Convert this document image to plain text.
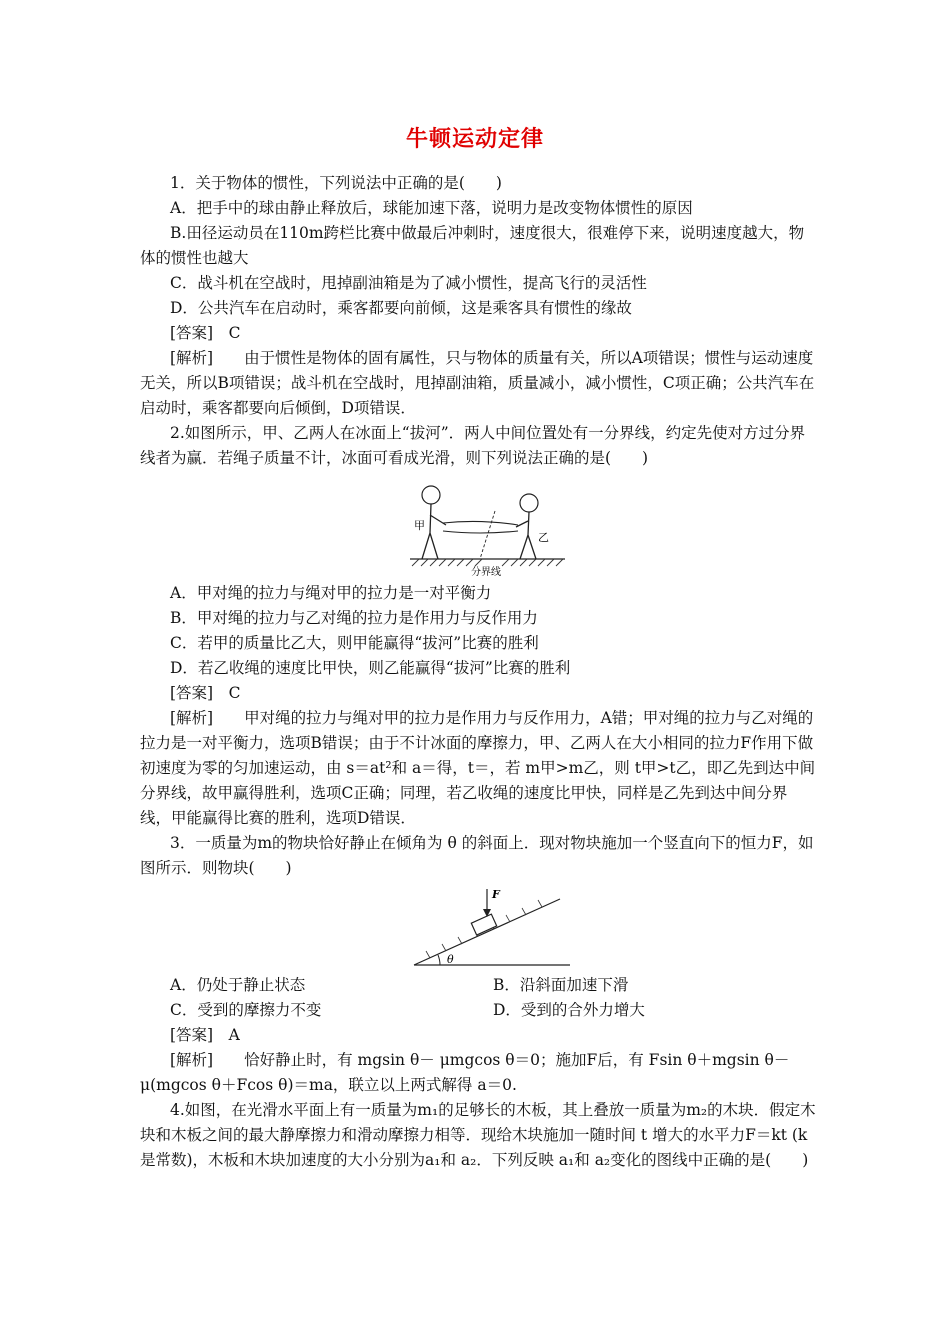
牛顿运动定律

1．关于物体的惯性，下列说法中正确的是(　　)

A．把手中的球由静止释放后，球能加速下落，说明力是改变物体惯性的原因

B.田径运动员在110m跨栏比赛中做最后冲刺时，速度很大，很难停下来，说明速度越大，物体的惯性也越大

C．战斗机在空战时，甩掉副油箱是为了减小惯性，提高飞行的灵活性

D．公共汽车在启动时，乘客都要向前倾，这是乘客具有惯性的缘故

[答案]　C

[解析]　　由于惯性是物体的固有属性，只与物体的质量有关，所以A项错误；惯性与运动速度无关，所以B项错误；战斗机在空战时，甩掉副油箱，质量减小，减小惯性，C项正确；公共汽车在启动时，乘客都要向后倾倒，D项错误．

2.如图所示，甲、乙两人在冰面上“拔河”．两人中间位置处有一分界线，约定先使对方过分界线者为赢．若绳子质量不计，冰面可看成光滑，则下列说法正确的是(　　)

甲
乙
分界线

A．甲对绳的拉力与绳对甲的拉力是一对平衡力

B．甲对绳的拉力与乙对绳的拉力是作用力与反作用力

C．若甲的质量比乙大，则甲能赢得“拔河”比赛的胜利

D．若乙收绳的速度比甲快，则乙能赢得“拔河”比赛的胜利

[答案]　C

[解析]　　甲对绳的拉力与绳对甲的拉力是作用力与反作用力，A错；甲对绳的拉力与乙对绳的拉力是一对平衡力，选项B错误；由于不计冰面的摩擦力，甲、乙两人在大小相同的拉力F作用下做初速度为零的匀加速运动，由 s＝at²和 a＝得，t＝，若 m甲>m乙，则 t甲>t乙，即乙先到达中间分界线，故甲赢得胜利，选项C正确；同理，若乙收绳的速度比甲快，同样是乙先到达中间分界线，甲能赢得比赛的胜利，选项D错误．

3．一质量为m的物块恰好静止在倾角为 θ 的斜面上．现对物块施加一个竖直向下的恒力F，如图所示．则物块(　　)

θ
F
A．仍处于静止状态	B．沿斜面加速下滑
C．受到的摩擦力不变	D．受到的合外力增大

[答案]　A

[解析]　　恰好静止时，有 mgsin θ－ μmgcos θ＝0；施加F后，有 Fsin θ＋mgsin θ－μ(mgcos θ＋Fcos θ)＝ma，联立以上两式解得 a＝0.

4.如图，在光滑水平面上有一质量为m₁的足够长的木板，其上叠放一质量为m₂的木块．假定木块和木板之间的最大静摩擦力和滑动摩擦力相等．现给木块施加一随时间 t 增大的水平力F＝kt (k是常数)，木板和木块加速度的大小分别为a₁和 a₂．下列反映 a₁和 a₂变化的图线中正确的是(　　)
